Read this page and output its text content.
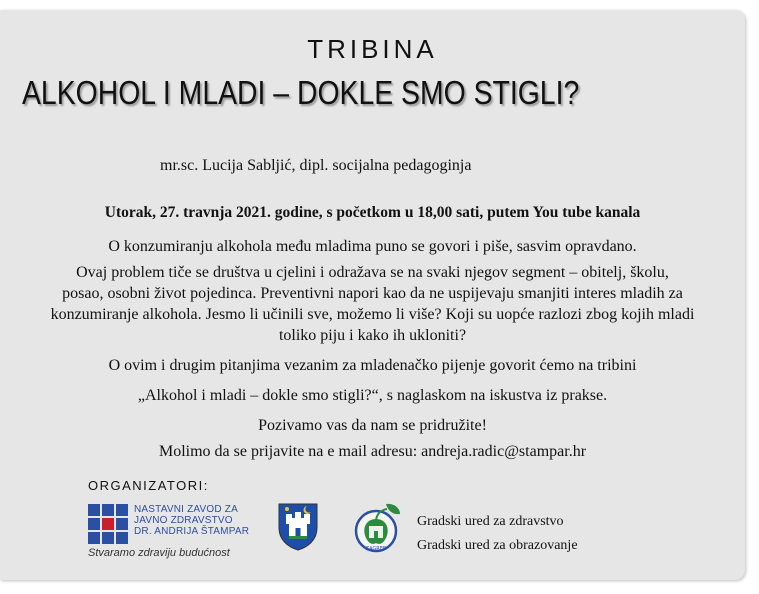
TRIBINA
ALKOHOL I MLADI – DOKLE SMO STIGLI?
mr.sc. Lucija Sabljić, dipl. socijalna pedagoginja
Utorak, 27. travnja 2021. godine, s početkom u 18,00 sati, putem You tube kanala

O konzumiranju alkohola među mladima puno se govori i piše, sasvim opravdano.

Ovaj problem tiče se društva u cjelini i odražava se na svaki njegov segment – obitelj, školu,

posao, osobni život pojedinca. Preventivni napori kao da ne uspijevaju smanjiti interes mladih za

konzumiranje alkohola. Jesmo li učinili sve, možemo li više? Koji su uopće razlozi zbog kojih mladi

toliko piju i kako ih ukloniti?

O ovim i drugim pitanjima vezanim za mladenačko pijenje govorit ćemo na tribini

„Alkohol i mladi – dokle smo stigli?“, s naglaskom na iskustva iz prakse.

Pozivamo vas da nam se pridružite!

Molimo da se prijavite na e mail adresu: andreja.radic@stampar.hr

ORGANIZATORI:
NASTAVNI ZAVOD ZA
JAVNO ZDRAVSTVO
DR. ANDRIJA ŠTAMPAR
Stvaramo zdraviju budućnost	ZAGREB
Gradski ured za zdravstvo
Gradski ured za obrazovanje
